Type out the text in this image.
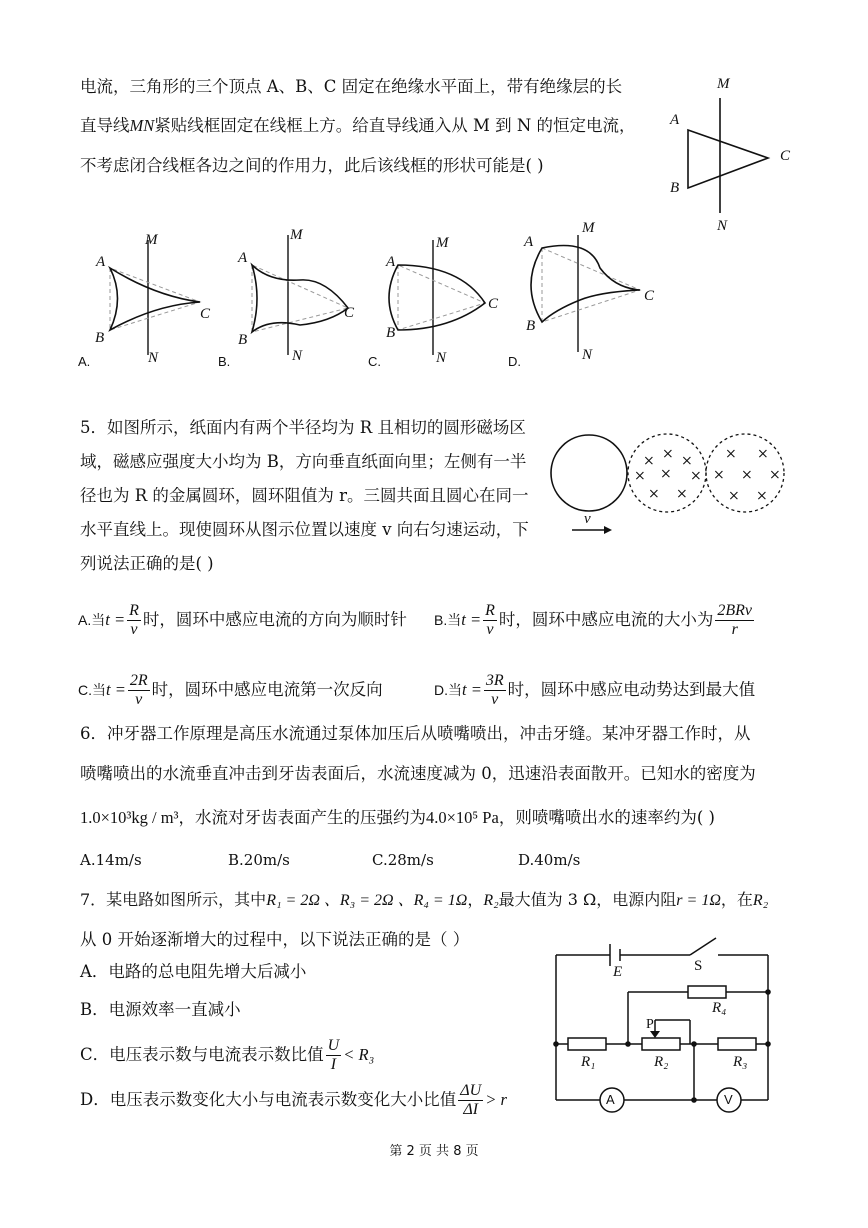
电流，三角形的三个顶点 A、B、C 固定在绝缘水平面上，带有绝缘层的长
直导线MN紧贴线框固定在线框上方。给直导线通入从 M 到 N 的恒定电流，
不考虑闭合线框各边之间的作用力，此后该线框的形状可能是( )
M
A
B
C
N
M
A
B
C
N
A.
M
A
B
C
N
B.
M
A
B
C
N
C.
M
A
B
C
N
D.
5．如图所示，纸面内有两个半径均为 R 且相切的圆形磁场区
域，磁感应强度大小均为 B，方向垂直纸面向里；左侧有一半
径也为 R 的金属圆环，圆环阻值为 r。三圆共面且圆心在同一
水平直线上。现使圆环从图示位置以速度 v 向右匀速运动，下
列说法正确的是( )
v
× × ×
× × ×
× ×
× ×
× × ×
× ×
A.当$t = \frac{R}{v}$ 时，圆环中感应电流的方向为顺时针 B.当$t = \frac{R}{v}$ 时，圆环中感应电流的大小为 $\frac{\text{2BRv}}{r}$
C.当$t = \frac{2R}{v}$ 时，圆环中感应电流第一次反向	D.当$t = \frac{3R}{v}$ 时，圆环中感应电动势达到最大值
6．冲牙器工作原理是高压水流通过泵体加压后从喷嘴喷出，冲击牙缝。某冲牙器工作时，从
喷嘴喷出的水流垂直冲击到牙齿表面后，水流速度减为 0，迅速沿表面散开。已知水的密度为
1.0×10³kg / m³，水流对牙齿表面产生的压强约为4.0×10⁵ Pa，则喷嘴喷出水的速率约为( )
A.14m/s	B.20m/s	C.28m/s	D.40m/s
7．某电路如图所示，其中R₁ = 2Ω 、R₃ = 2Ω 、R₄ = 1Ω，R₂最大值为 3 Ω，电源内阻r = 1Ω，在R₂
从 0 开始逐渐增大的过程中，以下说法正确的是（ ）
A．电路的总电阻先增大后减小
B．电源效率一直减小
C．电压表示数与电流表示数比值 $\frac{U}{I} < R_3$
D．电压表示数变化大小与电流表示数变化大小比值 $\frac{\Delta U}{\Delta I} > r$
E	S
R₄
P
R₁	R₂	R₃
A	V
第 2 页 共 8 页
